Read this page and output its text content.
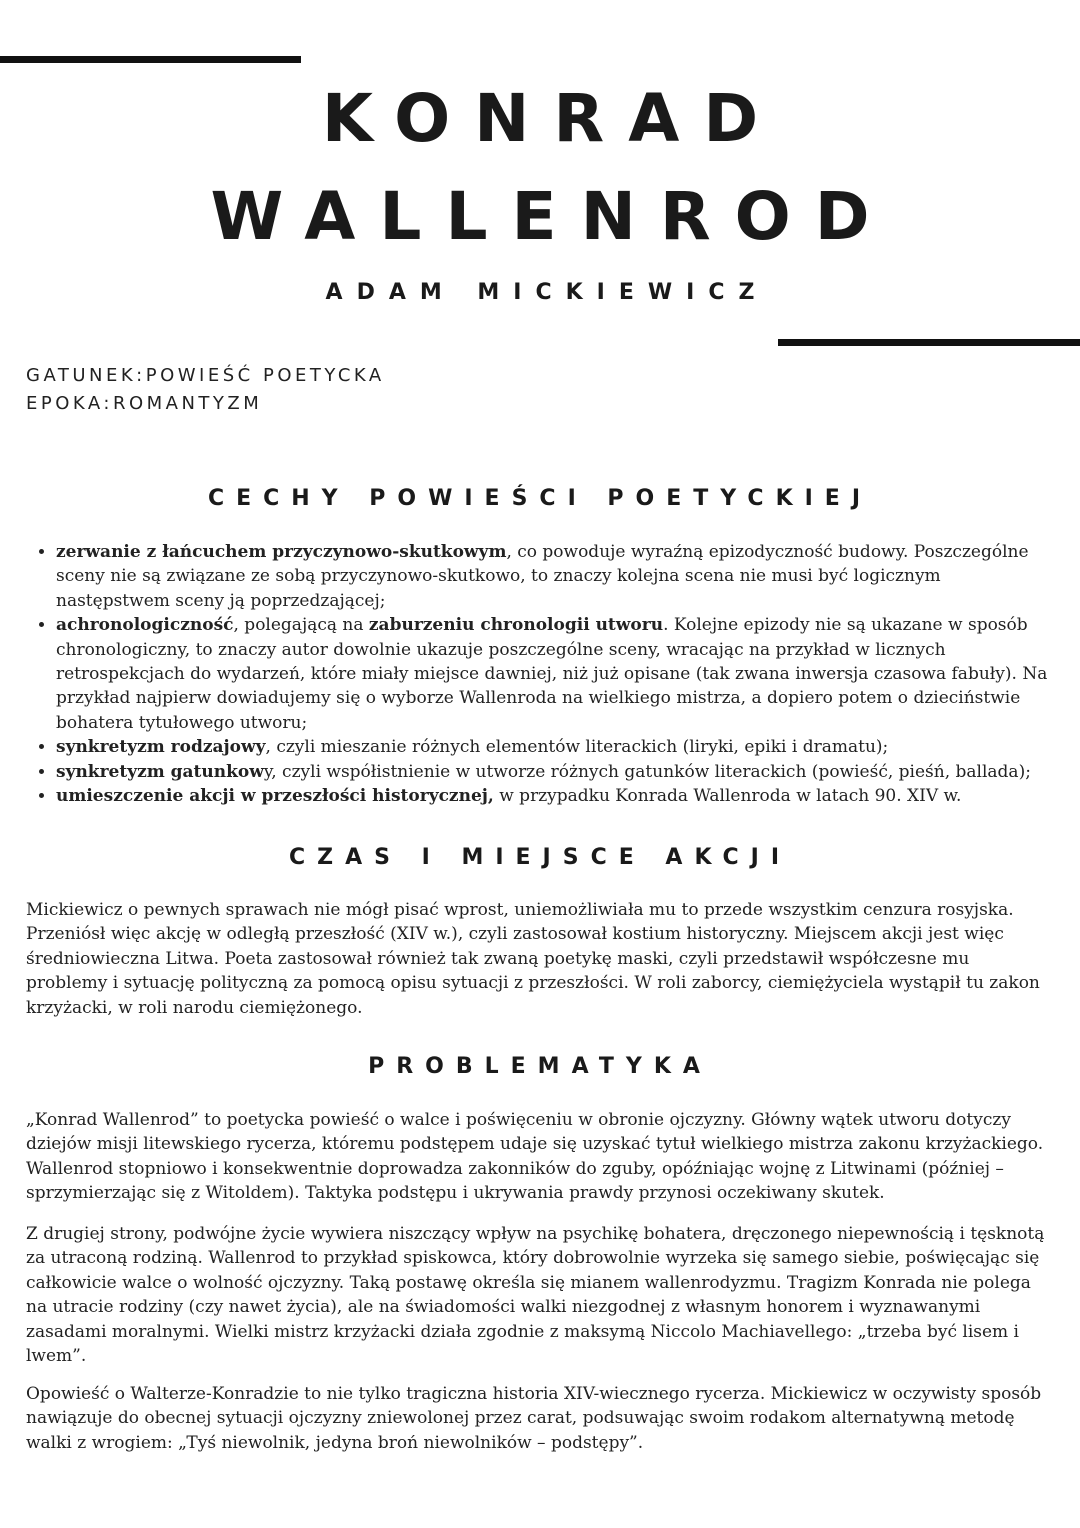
KONRAD
WALLENROD
ADAM MICKIEWICZ
GATUNEK:POWIEŚĆ POETYCKA
EPOKA:ROMANTYZM
CECHY POWIEŚCI POETYCKIEJ
• zerwanie z łańcuchem przyczynowo-skutkowym, co powoduje wyraźną epizodyczność budowy. Poszczególne sceny nie są związane ze sobą przyczynowo-skutkowo, to znaczy kolejna scena nie musi być logicznym następstwem sceny ją poprzedzającej;
• achronologiczność, polegającą na zaburzeniu chronologii utworu. Kolejne epizody nie są ukazane w sposób chronologiczny, to znaczy autor dowolnie ukazuje poszczególne sceny, wracając na przykład w licznych retrospekcjach do wydarzeń, które miały miejsce dawniej, niż już opisane (tak zwana inwersja czasowa fabuły). Na przykład najpierw dowiadujemy się o wyborze Wallenroda na wielkiego mistrza, a dopiero potem o dzieciństwie bohatera tytułowego utworu;
• synkretyzm rodzajowy, czyli mieszanie różnych elementów literackich (liryki, epiki i dramatu);
• synkretyzm gatunkowy, czyli współistnienie w utworze różnych gatunków literackich (powieść, pieśń, ballada);
• umieszczenie akcji w przeszłości historycznej, w przypadku Konrada Wallenroda w latach 90. XIV w.
CZAS I MIEJSCE AKCJI

Mickiewicz o pewnych sprawach nie mógł pisać wprost, uniemożliwiała mu to przede wszystkim cenzura rosyjska. Przeniósł więc akcję w odległą przeszłość (XIV w.), czyli zastosował kostium historyczny. Miejscem akcji jest więc średniowieczna Litwa. Poeta zastosował również tak zwaną poetykę maski, czyli przedstawił współczesne mu problemy i sytuację polityczną za pomocą opisu sytuacji z przeszłości. W roli zaborcy, ciemiężyciela wystąpił tu zakon krzyżacki, w roli narodu ciemiężonego.

PROBLEMATYKA

„Konrad Wallenrod” to poetycka powieść o walce i poświęceniu w obronie ojczyzny. Główny wątek utworu dotyczy dziejów misji litewskiego rycerza, któremu podstępem udaje się uzyskać tytuł wielkiego mistrza zakonu krzyżackiego. Wallenrod stopniowo i konsekwentnie doprowadza zakonników do zguby, opóźniając wojnę z Litwinami (później – sprzymierzając się z Witoldem). Taktyka podstępu i ukrywania prawdy przynosi oczekiwany skutek.

Z drugiej strony, podwójne życie wywiera niszczący wpływ na psychikę bohatera, dręczonego niepewnością i tęsknotą za utraconą rodziną. Wallenrod to przykład spiskowca, który dobrowolnie wyrzeka się samego siebie, poświęcając się całkowicie walce o wolność ojczyzny. Taką postawę określa się mianem wallenrodyzmu. Tragizm Konrada nie polega na utracie rodziny (czy nawet życia), ale na świadomości walki niezgodnej z własnym honorem i wyznawanymi zasadami moralnymi. Wielki mistrz krzyżacki działa zgodnie z maksymą Niccolo Machiavellego: „trzeba być lisem i lwem”.

Opowieść o Walterze-Konradzie to nie tylko tragiczna historia XIV-wiecznego rycerza. Mickiewicz w oczywisty sposób nawiązuje do obecnej sytuacji ojczyzny zniewolonej przez carat, podsuwając swoim rodakom alternatywną metodę walki z wrogiem: „Tyś niewolnik, jedyna broń niewolników – podstępy”.
